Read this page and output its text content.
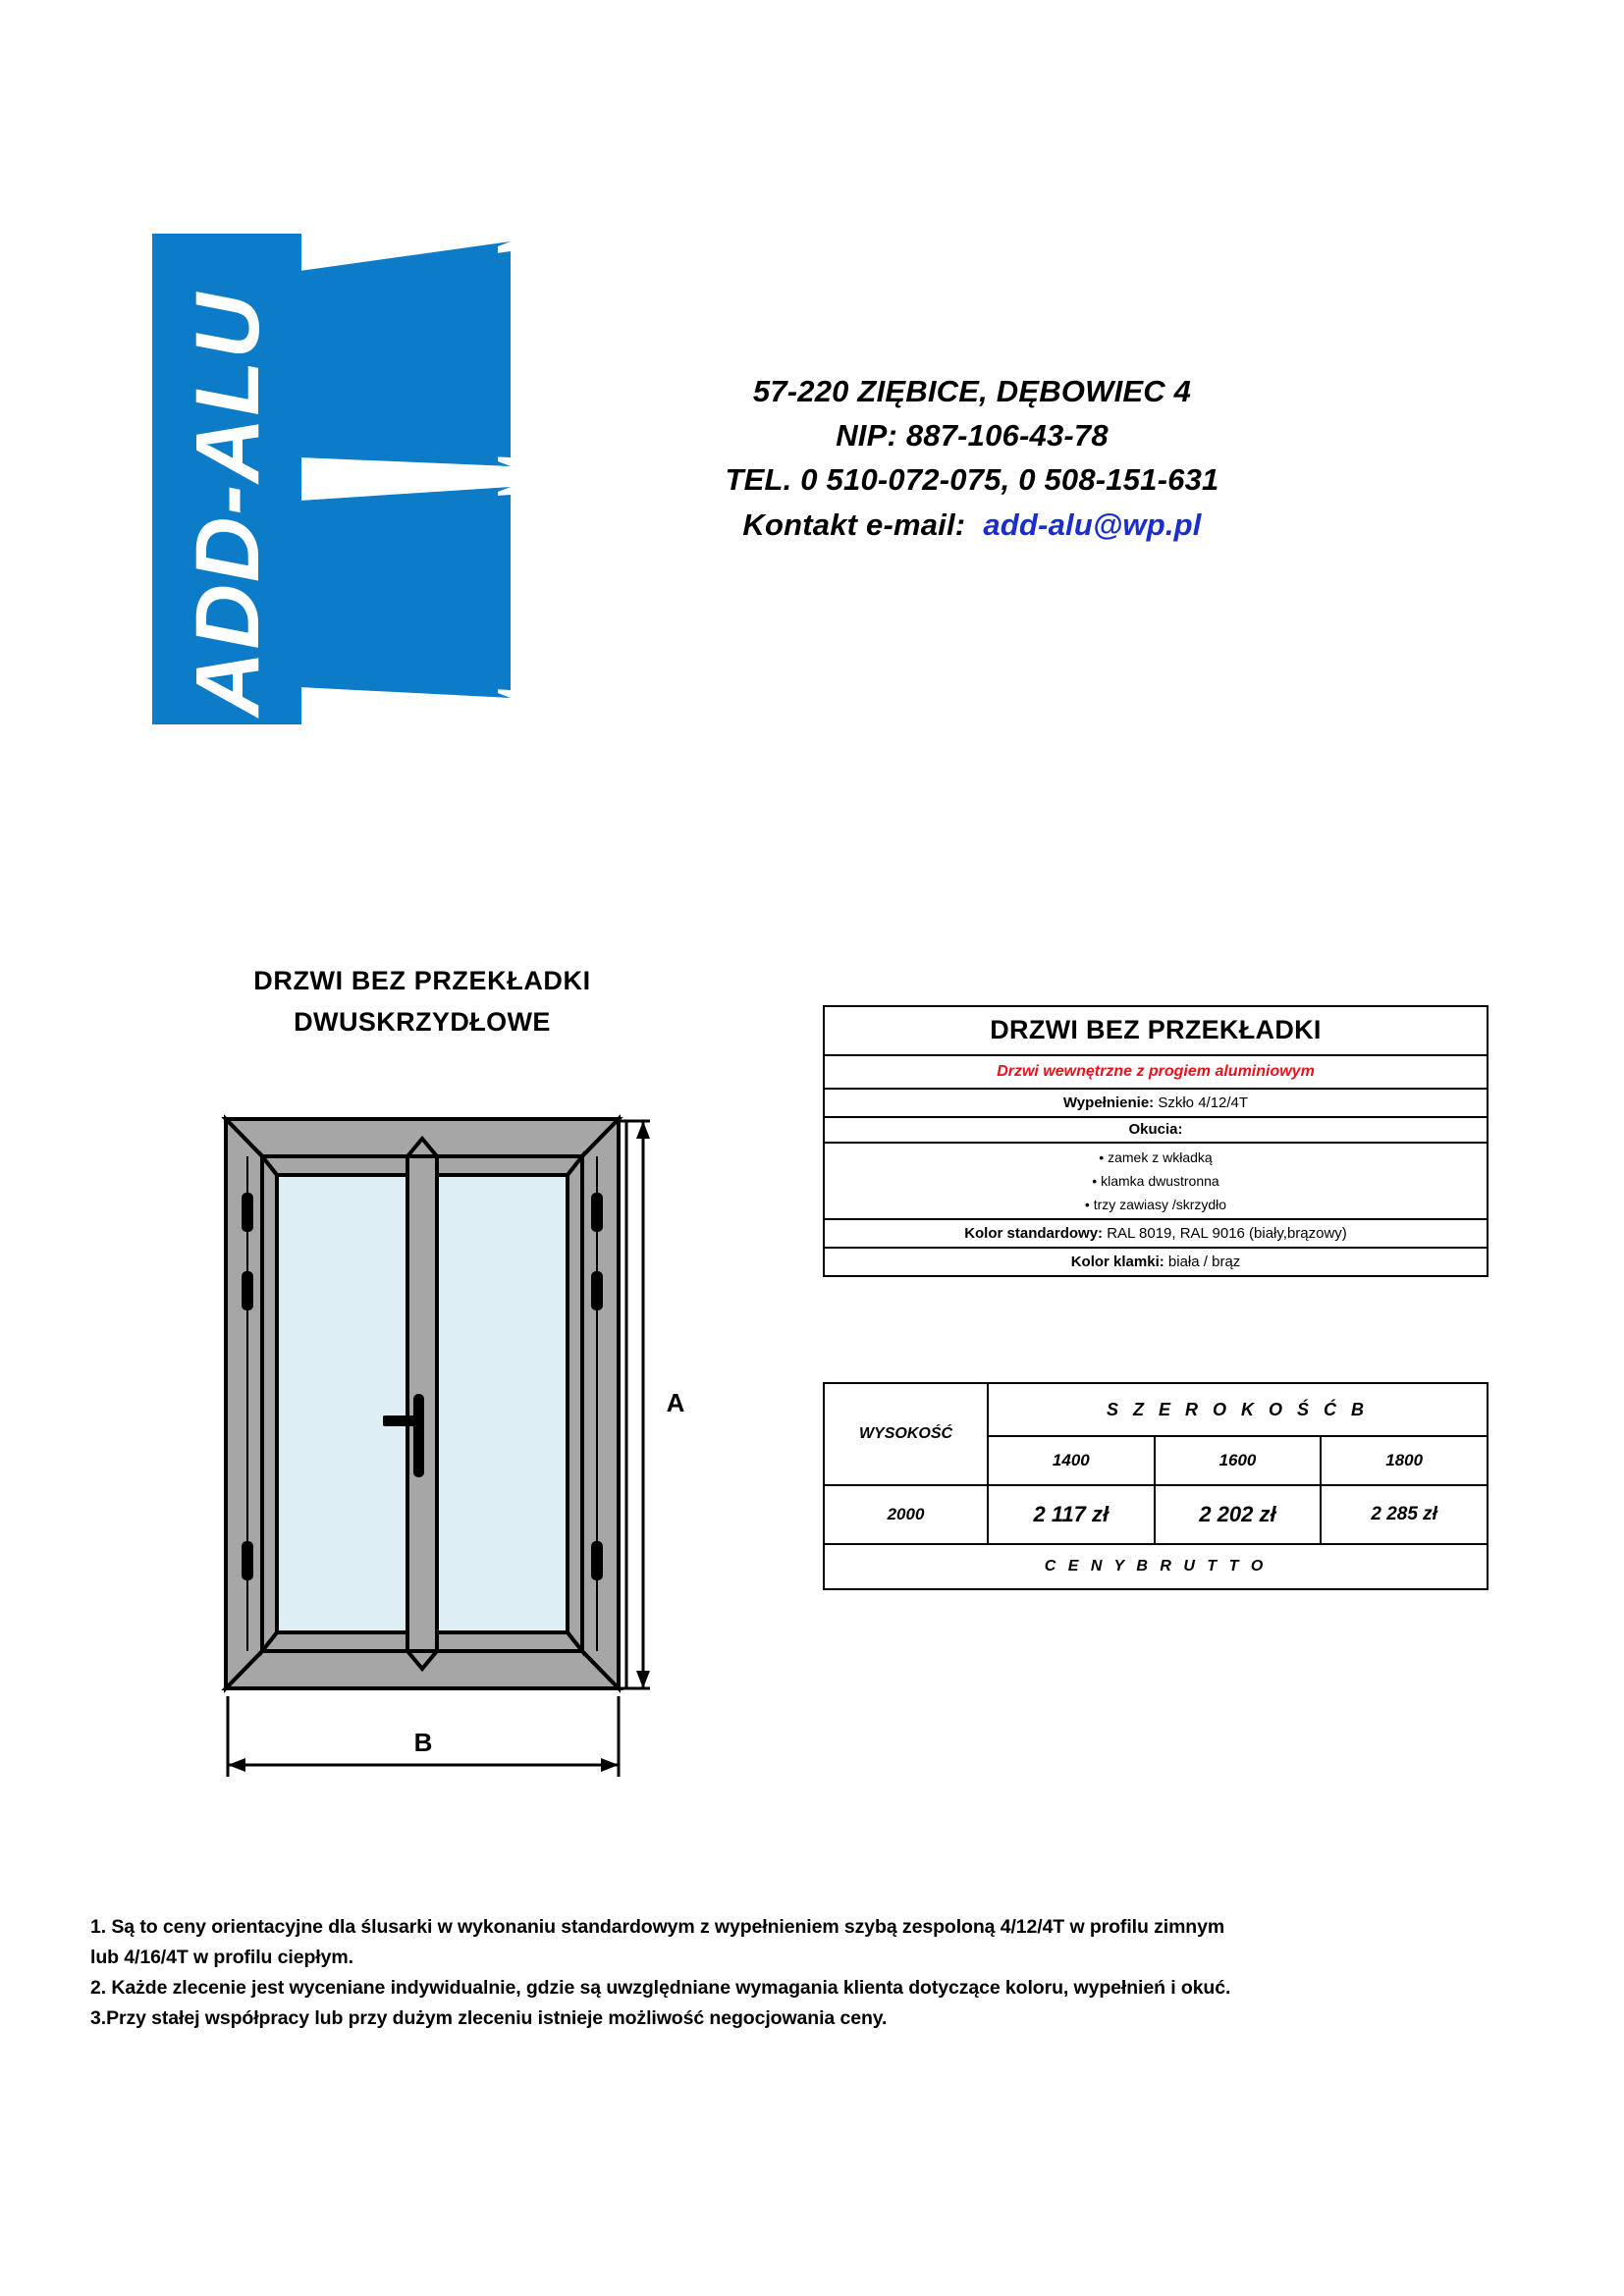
ADD-ALU	57-220 ZIĘBICE, DĘBOWIEC 4
NIP: 887-106-43-78
TEL. 0 510-072-075, 0 508-151-631
Kontakt e-mail: add-alu@wp.pl
DRZWI BEZ PRZEKŁADKI
DWUSKRZYDŁOWE
A
B
DRZWI BEZ PRZEKŁADKI
Drzwi wewnętrzne z progiem aluminiowym
Wypełnienie: Szkło 4/12/4T
Okucia:

• zamek z wkładką
• klamka dwustronna
• trzy zawiasy /skrzydło

Kolor standardowy: RAL 8019, RAL 9016 (biały,brązowy)
Kolor klamki: biała / brąz
WYSOKOŚĆ	S Z E R O K O Ś Ć B		
	1400	1600	1800
2000	2 117 zł	2 202 zł	2 285 zł
C E N Y B R U T T O			
1. Są to ceny orientacyjne dla ślusarki w wykonaniu standardowym z wypełnieniem szybą zespoloną 4/12/4T w profilu zimnym
lub 4/16/4T w profilu ciepłym.
2. Każde zlecenie jest wyceniane indywidualnie, gdzie są uwzględniane wymagania klienta dotyczące koloru, wypełnień i okuć.
3.Przy stałej współpracy lub przy dużym zleceniu istnieje możliwość negocjowania ceny.
